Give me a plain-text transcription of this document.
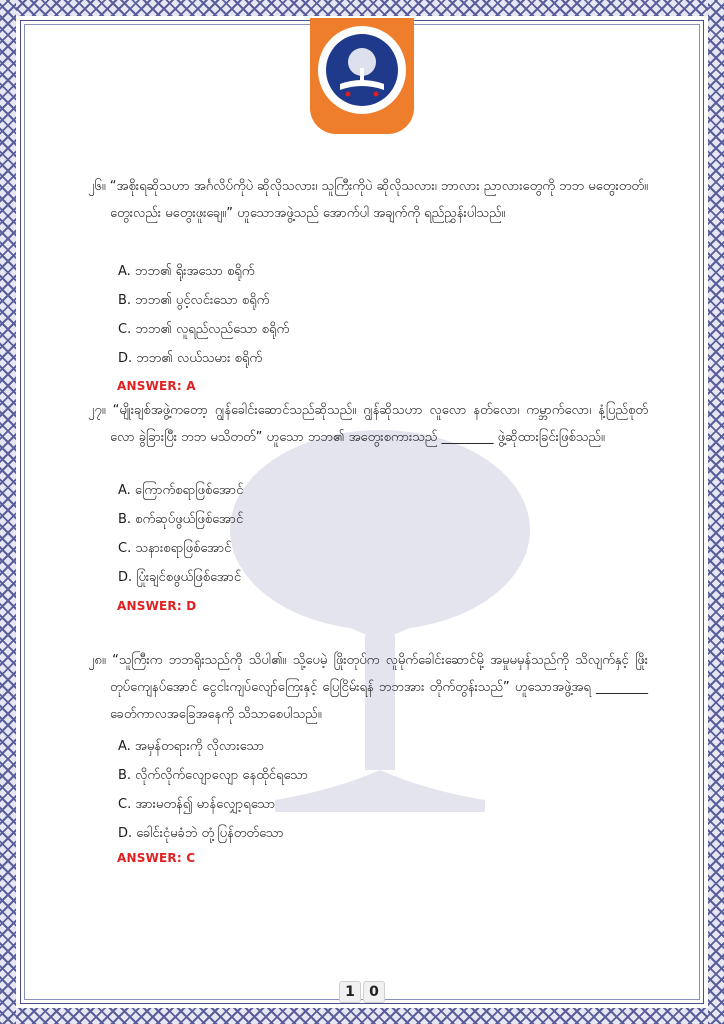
၂၆။ “အစိုးရဆိုသဟာ အင်္ဂလိပ်ကိုပဲ ဆိုလိုသလား၊ သူကြီးကိုပဲ ဆိုလိုသလား၊ ဘာလား ညာလားတွေကို ဘဘ မတွေးတတ်။ တွေးလည်း မတွေးဖူးချေ။” ဟူသောအဖွဲ့သည် အောက်ပါ အချက်ကို ရည်ညွှန်းပါသည်။
A. ဘဘ၏ ရိုးအသော စရိုက်
B. ဘဘ၏ ပွင့်လင်းသော စရိုက်
C. ဘဘ၏ လူရည်လည်သော စရိုက်
D. ဘဘ၏ လယ်သမား စရိုက်
ANSWER: A
၂၇။ “မျိုးချစ်အဖွဲ့ကတော့ ဂျွန်ခေါင်းဆောင်သည်ဆိုသည်။ ဂျွန်ဆိုသဟာ လူလော နတ်လော၊ ကမ္ဘာက်လော၊ နံ့ပြည်စုတ်လော ခွဲခြားပြီး ဘဘ မသိတတ်” ဟူသော ဘဘ၏ အတွေးစကားသည် ________ ဖွဲ့ဆိုထားခြင်းဖြစ်သည်။
A. ကြောက်စရာဖြစ်အောင်
B. စက်ဆုပ်ဖွယ်ဖြစ်အောင်
C. သနားစရာဖြစ်အောင်
D. ပြုံးချင်စဖွယ်ဖြစ်အောင်
ANSWER: D
၂၈။ “သူကြီးက ဘဘရိုးသည်ကို သိပါ၏။ သို့ပေမဲ့ ဖြိုးတုပ်က လူမိုက်ခေါင်းဆောင်မို့ အမှုမမှန်သည်ကို သိလျက်နှင့် ဖြိုးတုပ်ကျေနပ်အောင် ငွေငါးကျပ်လျော်ကြေးနှင့် ပြေငြိမ်းရန် ဘဘအား တိုက်တွန်းသည်” ဟူသောအဖွဲ့အရ ________ ခေတ်ကာလအခြေအနေကို သိသာစေပါသည်။
A. အမှန်တရားကို လိုလားသော
B. လိုက်လိုက်လျောလျော နေထိုင်ရသော
C. အားမတန်၍ မာန်လျှော့ရသော
D. ခေါင်းငုံမခံဘဲ တုံ့ပြန်တတ်သော
ANSWER: C
1	0
